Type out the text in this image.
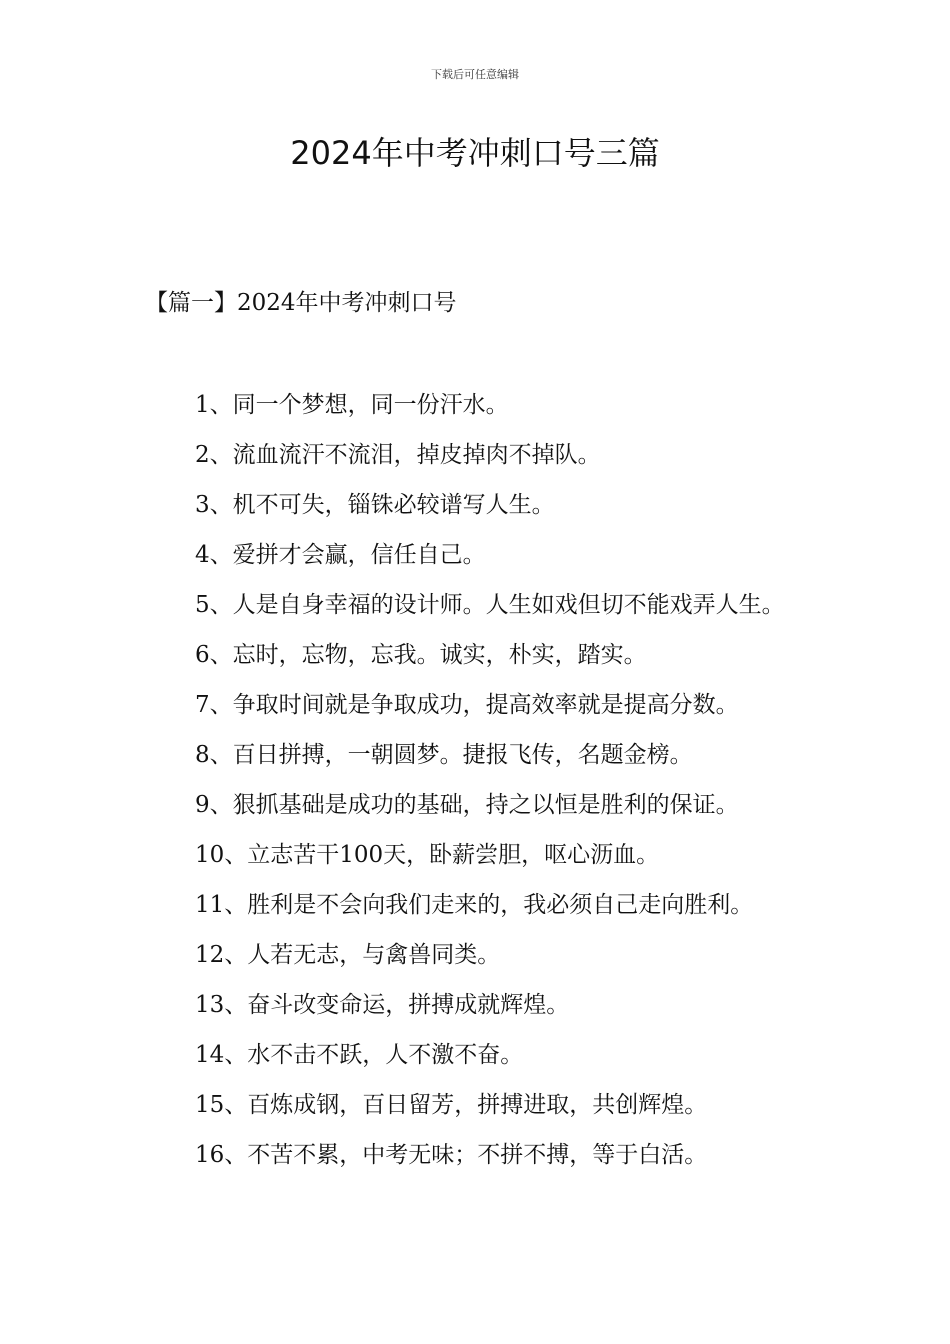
下载后可任意编辑
2024年中考冲刺口号三篇
【篇一】2024年中考冲刺口号
1、同一个梦想，同一份汗水。
2、流血流汗不流泪，掉皮掉肉不掉队。
3、机不可失，锱铢必较谱写人生。
4、爱拼才会赢，信任自己。
5、人是自身幸福的设计师。人生如戏但切不能戏弄人生。
6、忘时，忘物，忘我。诚实，朴实，踏实。
7、争取时间就是争取成功，提高效率就是提高分数。
8、百日拼搏，一朝圆梦。捷报飞传，名题金榜。
9、狠抓基础是成功的基础，持之以恒是胜利的保证。
10、立志苦干100天，卧薪尝胆，呕心沥血。
11、胜利是不会向我们走来的，我必须自己走向胜利。
12、人若无志，与禽兽同类。
13、奋斗改变命运，拼搏成就辉煌。
14、水不击不跃，人不激不奋。
15、百炼成钢，百日留芳，拼搏进取，共创辉煌。
16、不苦不累，中考无味；不拼不搏，等于白活。
